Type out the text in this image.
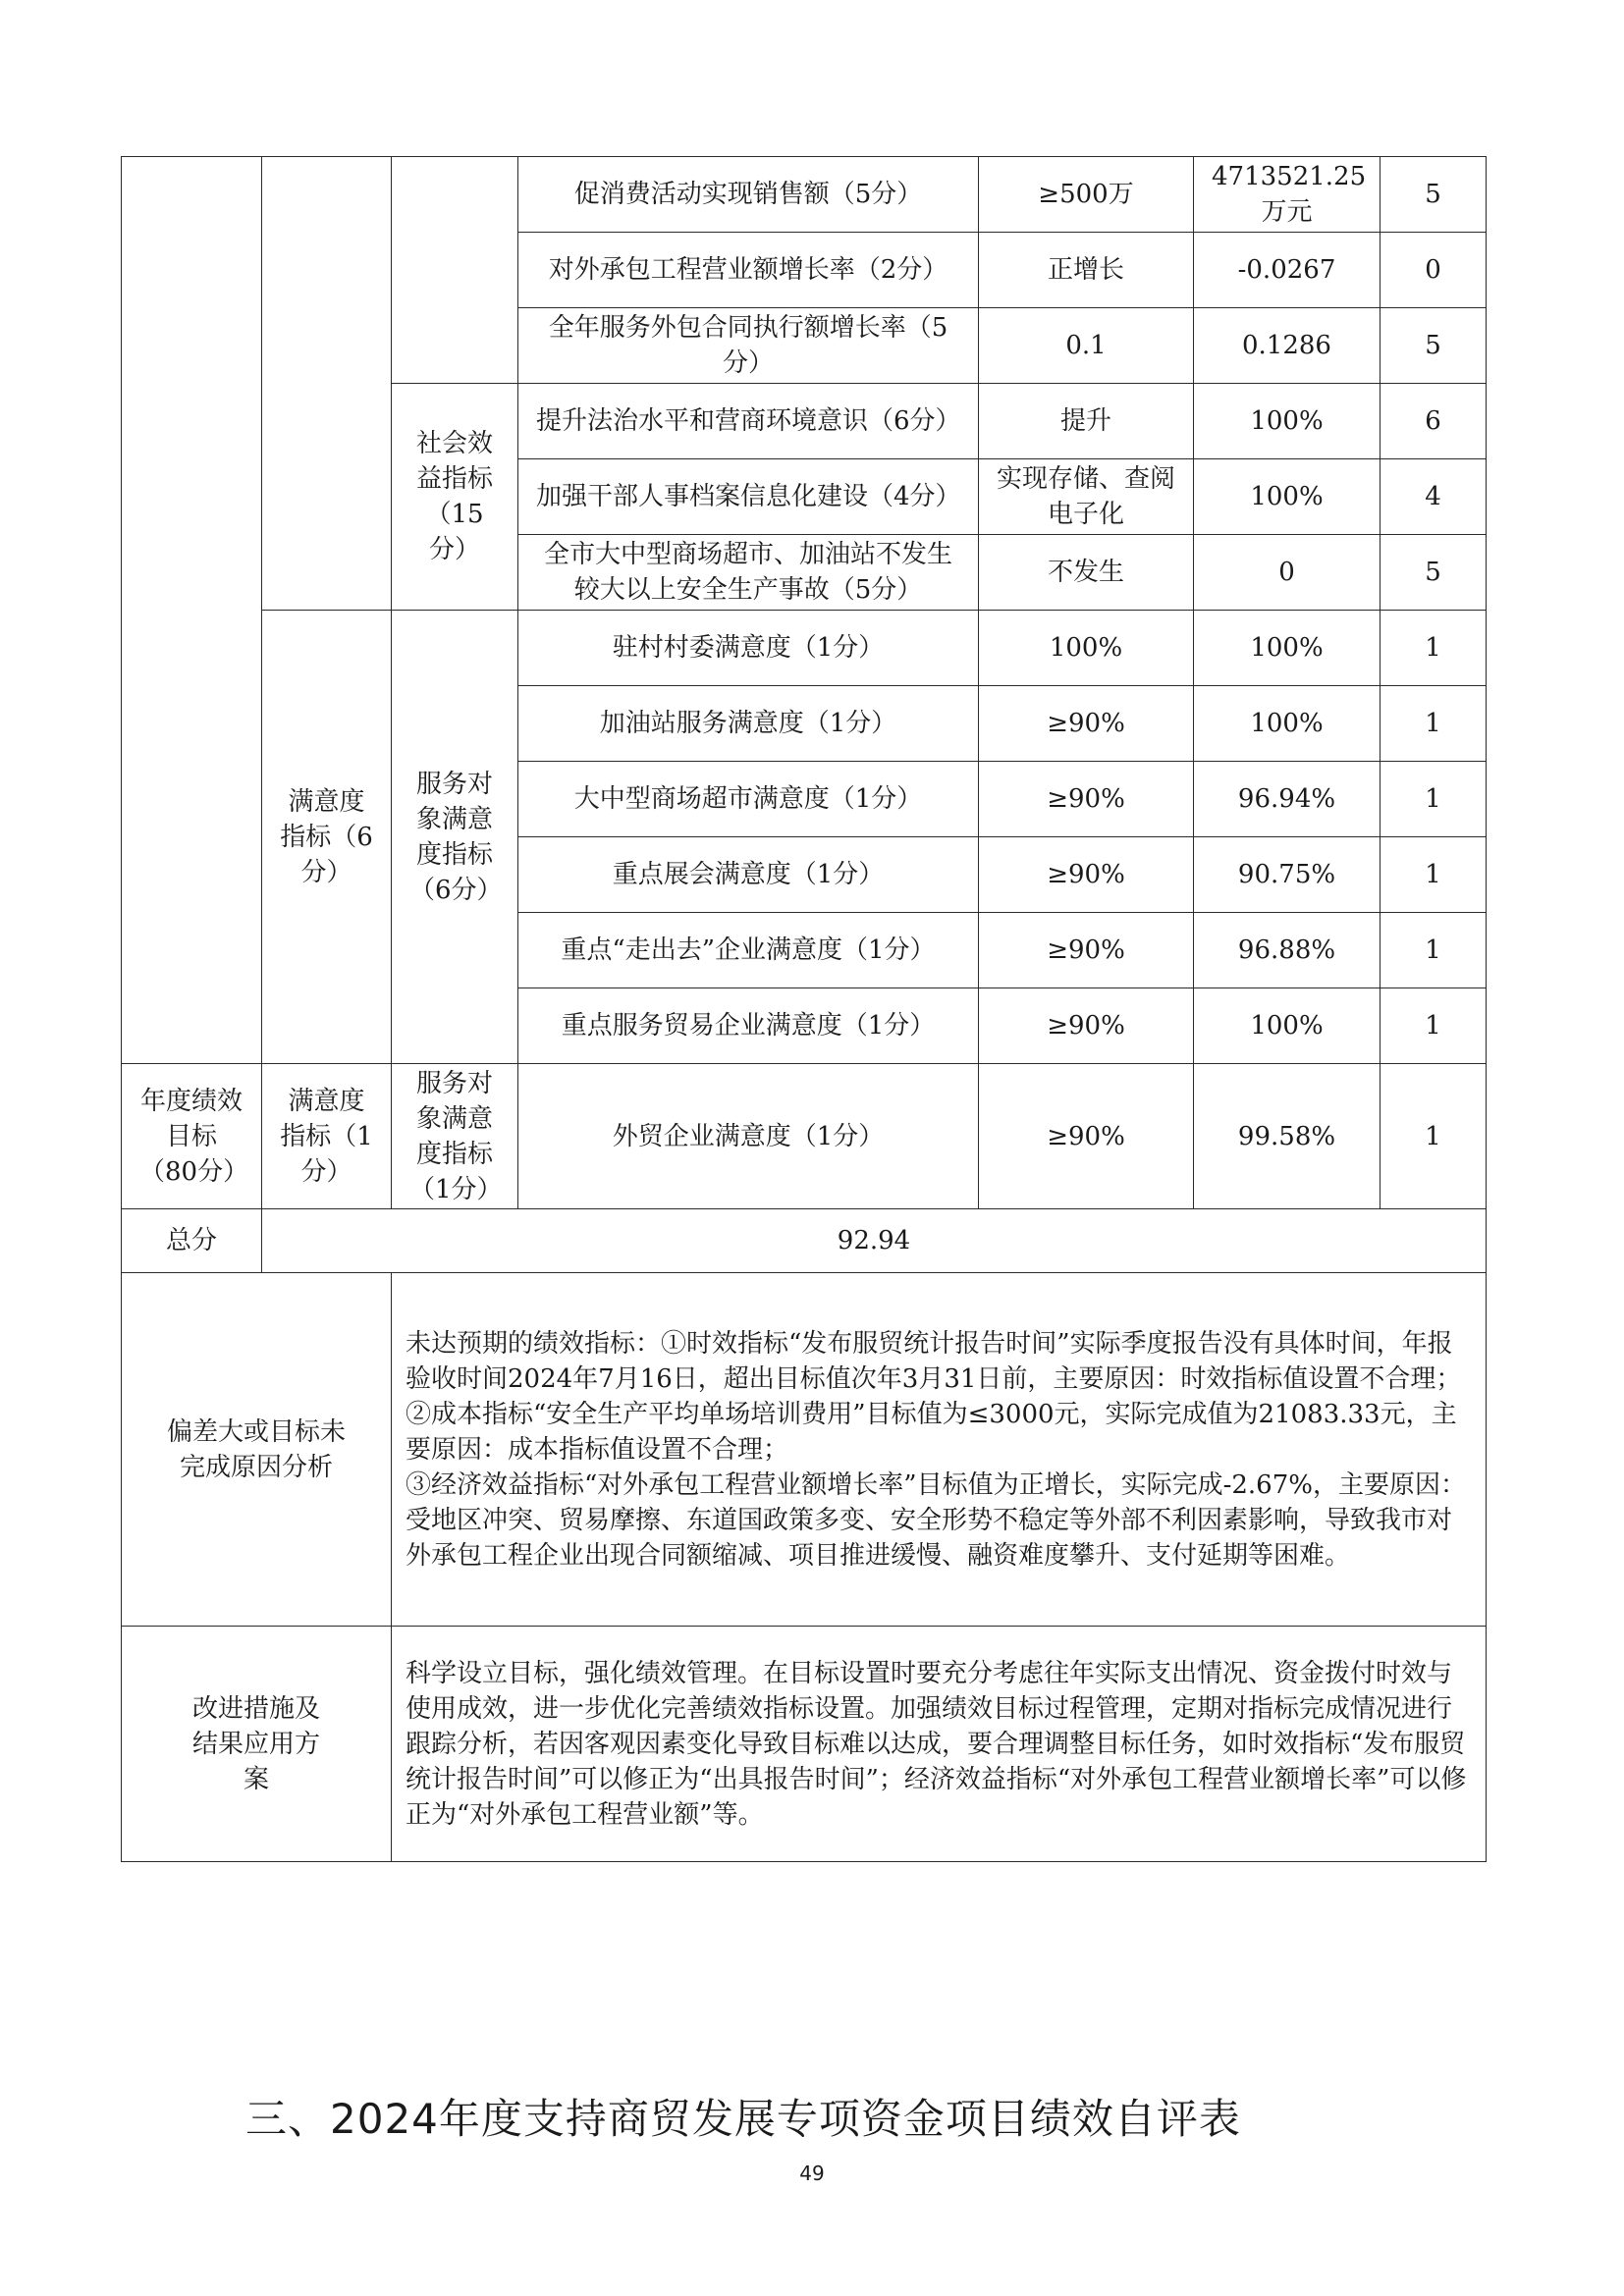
			促消费活动实现销售额（5分）	≥500万	4713521.25万元	5
			对外承包工程营业额增长率（2分）	正增长	-0.0267	0
			全年服务外包合同执行额增长率（5分）	0.1	0.1286	5
		社会效益指标（15分）	提升法治水平和营商环境意识（6分）	提升	100%	6
			加强干部人事档案信息化建设（4分）	实现存储、查阅电子化	100%	4
			全市大中型商场超市、加油站不发生较大以上安全生产事故（5分）	不发生	0	5
	满意度指标（6分）	服务对象满意度指标（6分）	驻村村委满意度（1分）	100%	100%	1
			加油站服务满意度（1分）	≥90%	100%	1
			大中型商场超市满意度（1分）	≥90%	96.94%	1
			重点展会满意度（1分）	≥90%	90.75%	1
			重点“走出去”企业满意度（1分）	≥90%	96.88%	1
			重点服务贸易企业满意度（1分）	≥90%	100%	1
年度绩效目标（80分）	满意度指标（1分）	服务对象满意度指标（1分）	外贸企业满意度（1分）	≥90%	99.58%	1
总分	92.94					
偏差大或目标未完成原因分析		未达预期的绩效指标：①时效指标“发布服贸统计报告时间”实际季度报告没有具体时间，年报验收时间2024年7月16日，超出目标值次年3月31日前，主要原因：时效指标值设置不合理；
②成本指标“安全生产平均单场培训费用”目标值为≤3000元，实际完成值为21083.33元，主要原因：成本指标值设置不合理；
③经济效益指标“对外承包工程营业额增长率”目标值为正增长，实际完成-2.67%，主要原因：受地区冲突、贸易摩擦、东道国政策多变、安全形势不稳定等外部不利因素影响，导致我市对外承包工程企业出现合同额缩减、项目推进缓慢、融资难度攀升、支付延期等困难。				

改进措施及结果应用方案		科学设立目标，强化绩效管理。在目标设置时要充分考虑往年实际支出情况、资金拨付时效与使用成效，进一步优化完善绩效指标设置。加强绩效目标过程管理，定期对指标完成情况进行跟踪分析，若因客观因素变化导致目标难以达成，要合理调整目标任务，如时效指标“发布服贸统计报告时间”可以修正为“出具报告时间”；经济效益指标“对外承包工程营业额增长率”可以修正为“对外承包工程营业额”等。				
三、2024年度支持商贸发展专项资金项目绩效自评表
49
